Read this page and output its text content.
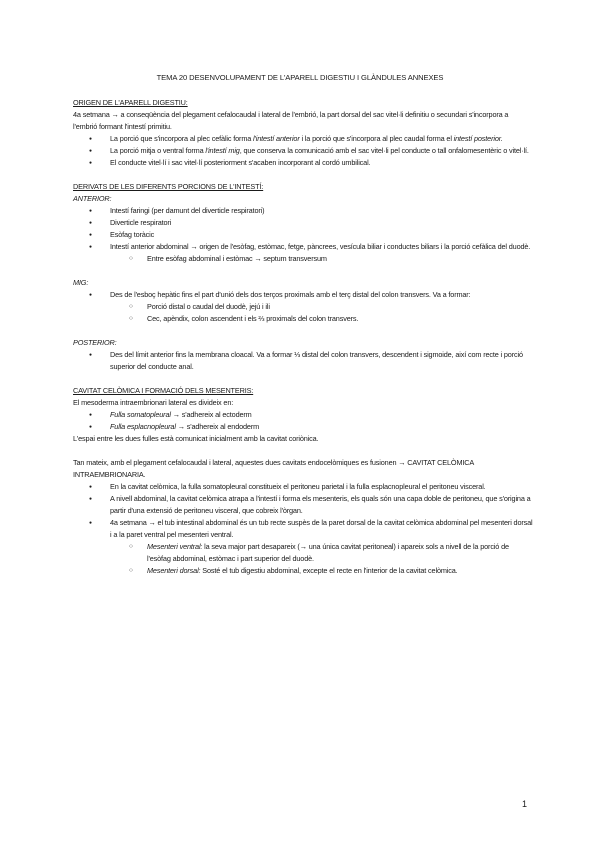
TEMA 20 DESENVOLUPAMENT DE L'APARELL DIGESTIU I GLÀNDULES ANNEXES

ORIGEN DE L'APARELL DIGESTIU:

4a setmana → a conseqüència del plegament cefalocaudal i lateral de l'embrió, la part dorsal del sac vitel·li definitiu o secundari s'incorpora a l'embrió formant l'intestí primitiu.

● La porció que s'incorpora al plec cefàlic forma l'intestí anterior i la porció que s'incorpora al plec caudal forma el intestí posterior.
● La porció mitja o ventral forma l'intestí mig, que conserva la comunicació amb el sac vitel·li pel conducte o tall onfalomesentèric o vitel·lí.
● El conducte vitel·lí i sac vitel·lí posteriorment s'acaben incorporant al cordó umbilical.

DERIVATS DE LES DIFERENTS PORCIONS DE L'INTESTÍ:

ANTERIOR:

● Intestí faringi (per damunt del diverticle respiratori)
● Diverticle respiratori
● Esòfag toràcic
● Intestí anterior abdominal → origen de l'esòfag, estòmac, fetge, pàncrees, vesícula biliar i conductes biliars i la porció cefàlica del duodè.
○ Entre esòfag abdominal i estòmac → septum transversum

MIG:

● Des de l'esboç hepàtic fins el part d'unió dels dos terços proximals amb el terç distal del colon transvers. Va a formar:
○ Porció distal o caudal del duodè, jejú i ili
○ Cec, apèndix, colon ascendent i els ⅔ proximals del colon transvers.

POSTERIOR:

● Des del límit anterior fins la membrana cloacal. Va a formar ⅓ distal del colon transvers, descendent i sigmoide, així com recte i porció superior del conducte anal.

CAVITAT CELÒMICA I FORMACIÓ DELS MESENTERIS:

El mesoderma intraembrionari lateral es divideix en:

● Fulla somatopleural → s'adhereix al ectoderm
● Fulla esplacnopleural → s'adhereix al endoderm

L'espai entre les dues fulles està comunicat inicialment amb la cavitat coriònica.

Tan mateix, amb el plegament cefalocaudal i lateral, aquestes dues cavitats endocelòmiques es fusionen → CAVITAT CELÒMICA INTRAEMBRIONARIA.

● En la cavitat celòmica, la fulla somatopleural constitueix el peritoneu parietal i la fulla esplacnopleural el peritoneu visceral.
● A nivell abdominal, la cavitat celòmica atrapa a l'intestí i forma els mesenteris, els quals són una capa doble de peritoneu, que s'origina a partir d'una extensió de peritoneu visceral, que cobreix l'òrgan.
● 4a setmana → el tub intestinal abdominal és un tub recte suspès de la paret dorsal de la cavitat celòmica abdominal pel mesenteri dorsal i a la paret ventral pel mesenteri ventral.
○ Mesenteri ventral: la seva major part desapareix (→ una única cavitat peritoneal) i apareix sols a nivell de la porció de l'esòfag abdominal, estòmac i part superior del duodè.
○ Mesenteri dorsal: Sosté el tub digestiu abdominal, excepte el recte en l'interior de la cavitat celòmica.
1
